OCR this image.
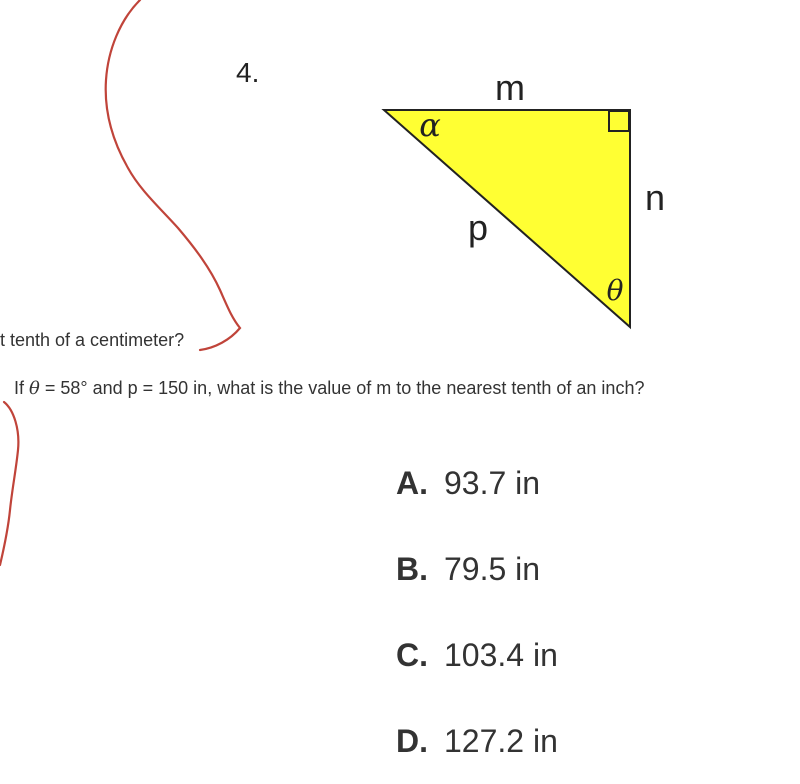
4.	m
n
p
α
θ
t tenth of a centimeter?
If θ = 58° and p = 150 in, what is the value of m to the nearest tenth of an inch?
A. 93.7 in
B. 79.5 in
C. 103.4 in
D. 127.2 in
